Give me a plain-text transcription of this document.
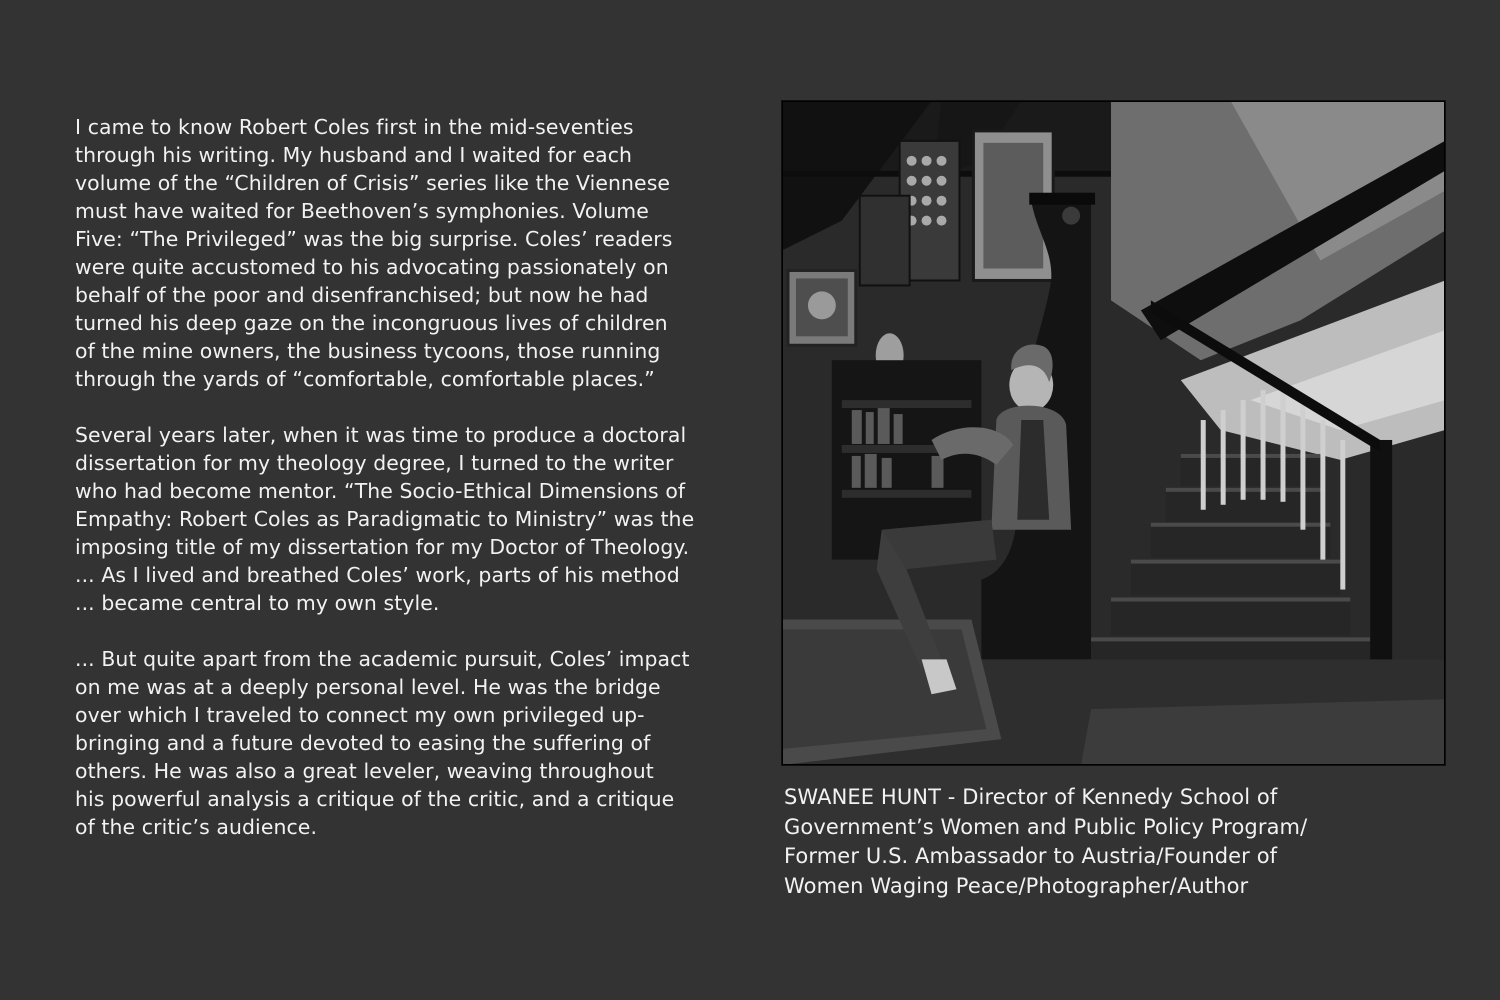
I came to know Robert Coles first in the mid-seventies
through his writing. My husband and I waited for each
volume of the “Children of Crisis” series like the Viennese
must have waited for Beethoven’s symphonies. Volume
Five: “The Privileged” was the big surprise. Coles’ readers
were quite accustomed to his advocating passionately on
behalf of the poor and disenfranchised; but now he had
turned his deep gaze on the incongruous lives of children
of the mine owners, the business tycoons, those running
through the yards of “comfortable, comfortable places.”

Several years later, when it was time to produce a doctoral
dissertation for my theology degree, I turned to the writer
who had become mentor. “The Socio-Ethical Dimensions of
Empathy: Robert Coles as Paradigmatic to Ministry” was the
imposing title of my dissertation for my Doctor of Theology.
... As I lived and breathed Coles’ work, parts of his method
... became central to my own style.

... But quite apart from the academic pursuit, Coles’ impact
on me was at a deeply personal level. He was the bridge
over which I traveled to connect my own privileged up-
bringing and a future devoted to easing the suffering of
others. He was also a great leveler, weaving throughout
his powerful analysis a critique of the critic, and a critique
of the critic’s audience.

SWANEE HUNT - Director of Kennedy School of
Government’s Women and Public Policy Program/
Former U.S. Ambassador to Austria/Founder of
Women Waging Peace/Photographer/Author
